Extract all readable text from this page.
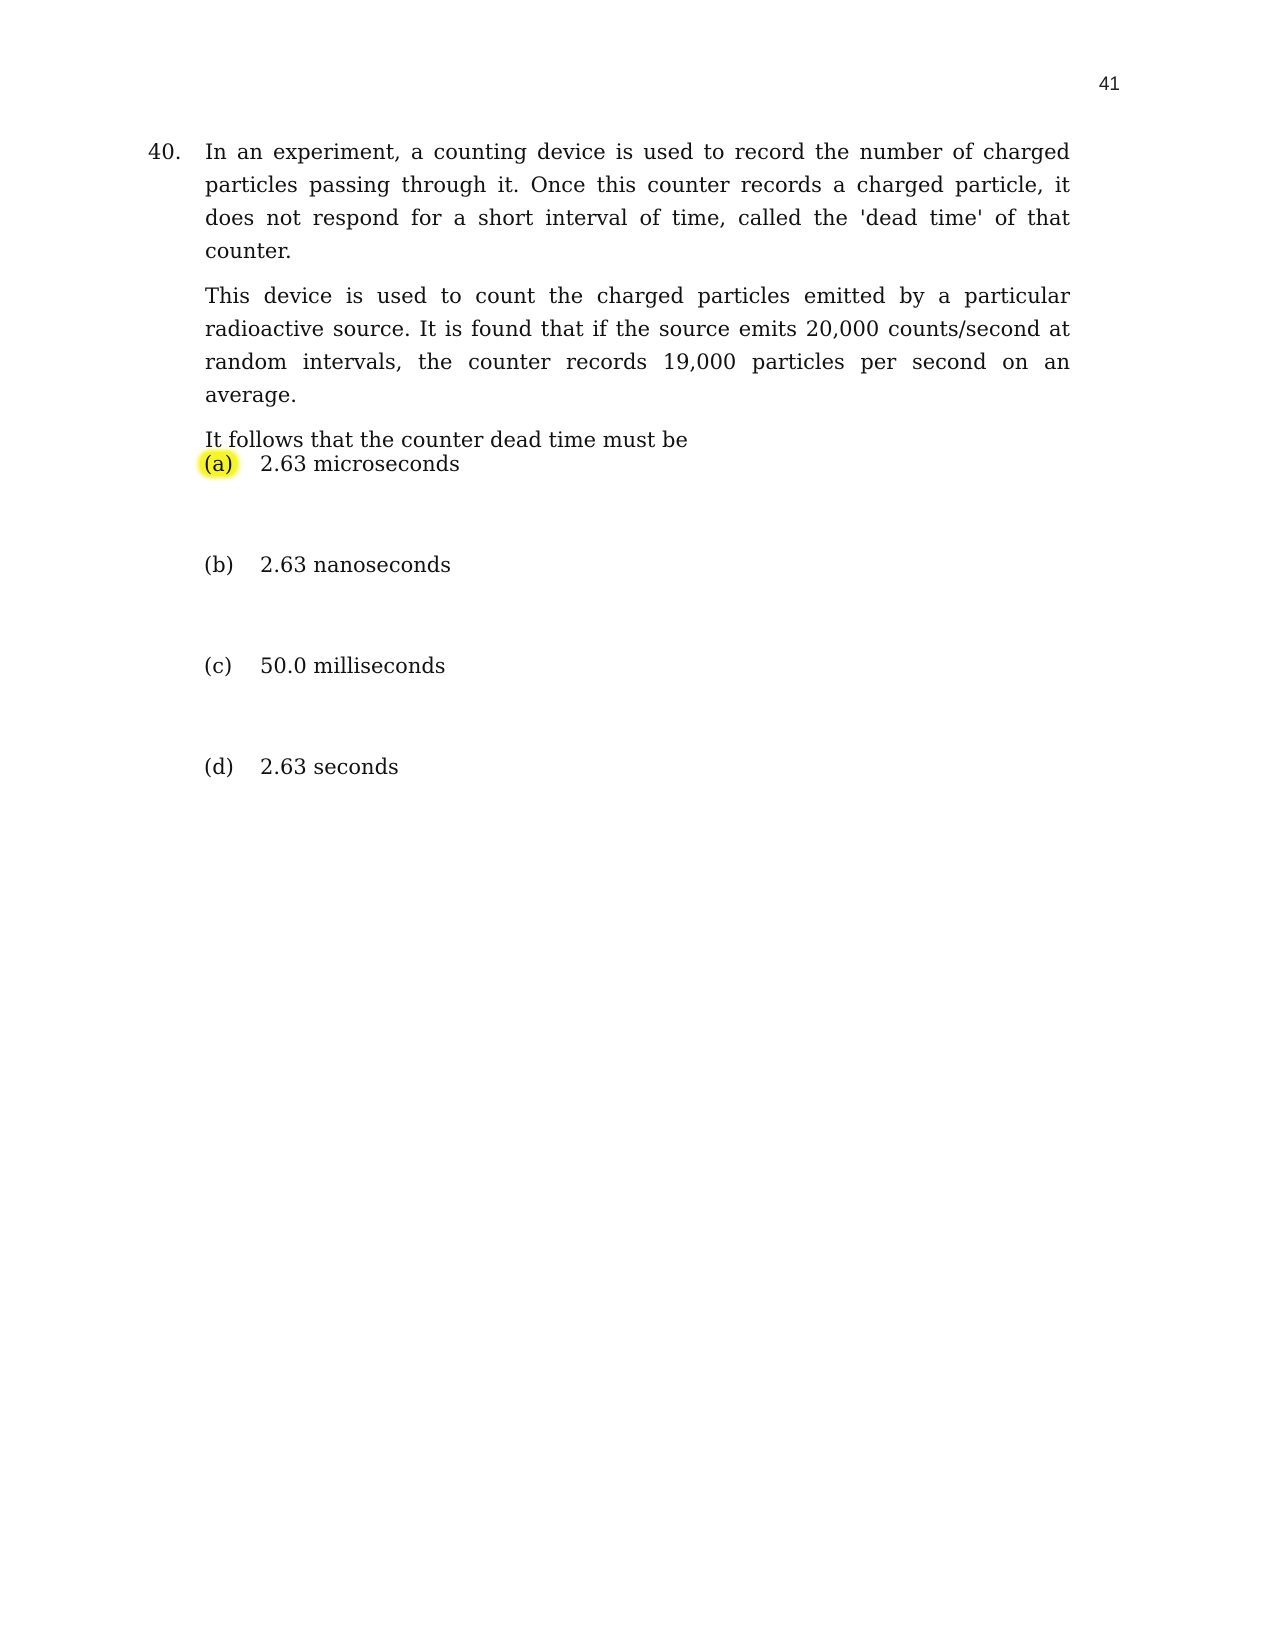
41
40. In an experiment, a counting device is used to record the number of charged particles passing through it. Once this counter records a charged particle, it does not respond for a short interval of time, called the 'dead time' of that counter.

This device is used to count the charged particles emitted by a particular radioactive source. It is found that if the source emits 20,000 counts/second at random intervals, the counter records 19,000 particles per second on an average.

It follows that the counter dead time must be

(a) 2.63 microseconds
(b) 2.63 nanoseconds
(c) 50.0 milliseconds
(d) 2.63 seconds
